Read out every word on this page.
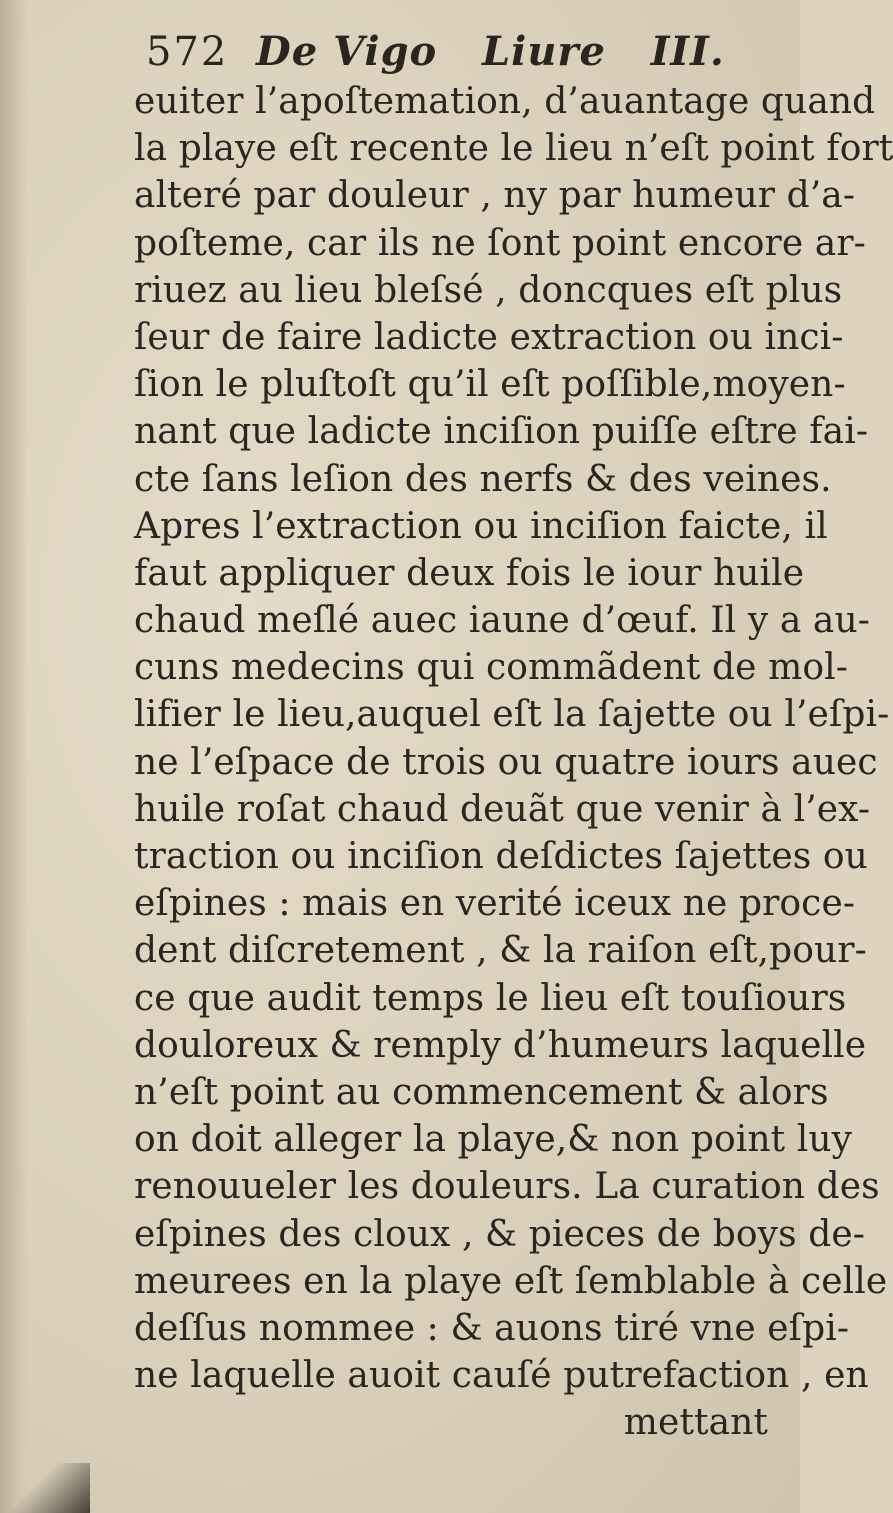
572 De Vigo   Liure   III.
euiter l’apoſtemation, d’auantage quand
la playe eſt recente le lieu n’eſt point fort
alteré par douleur , ny par humeur d’a-
poſteme, car ils ne ſont point encore ar-
riuez au lieu bleſsé , doncques eſt plus
ſeur de faire ladicte extraction ou inci-
ſion le pluſtoſt qu’il eſt poſſible,moyen-
nant que ladicte inciſion puiſſe eſtre fai-
cte ſans leſion des nerfs & des veines.
Apres l’extraction ou inciſion faicte, il
faut appliquer deux fois le iour huile
chaud meſlé auec iaune d’œuf. Il y a au-
cuns medecins qui commãdent de mol-
lifier le lieu,auquel eſt la ſajette ou l’eſpi-
ne l’eſpace de trois ou quatre iours auec
huile roſat chaud deuãt que venir à l’ex-
traction ou inciſion deſdictes ſajettes ou
eſpines : mais en verité iceux ne proce-
dent diſcretement , & la raiſon eſt,pour-
ce que audit temps le lieu eſt touſiours
douloreux & remply d’humeurs laquelle
n’eſt point au commencement & alors
on doit alleger la playe,& non point luy
renouueler les douleurs. La curation des
eſpines des cloux , & pieces de boys de-
meurees en la playe eſt ſemblable à celle
deſſus nommee : & auons tiré vne eſpi-
ne laquelle auoit cauſé putrefaction , en
mettant
